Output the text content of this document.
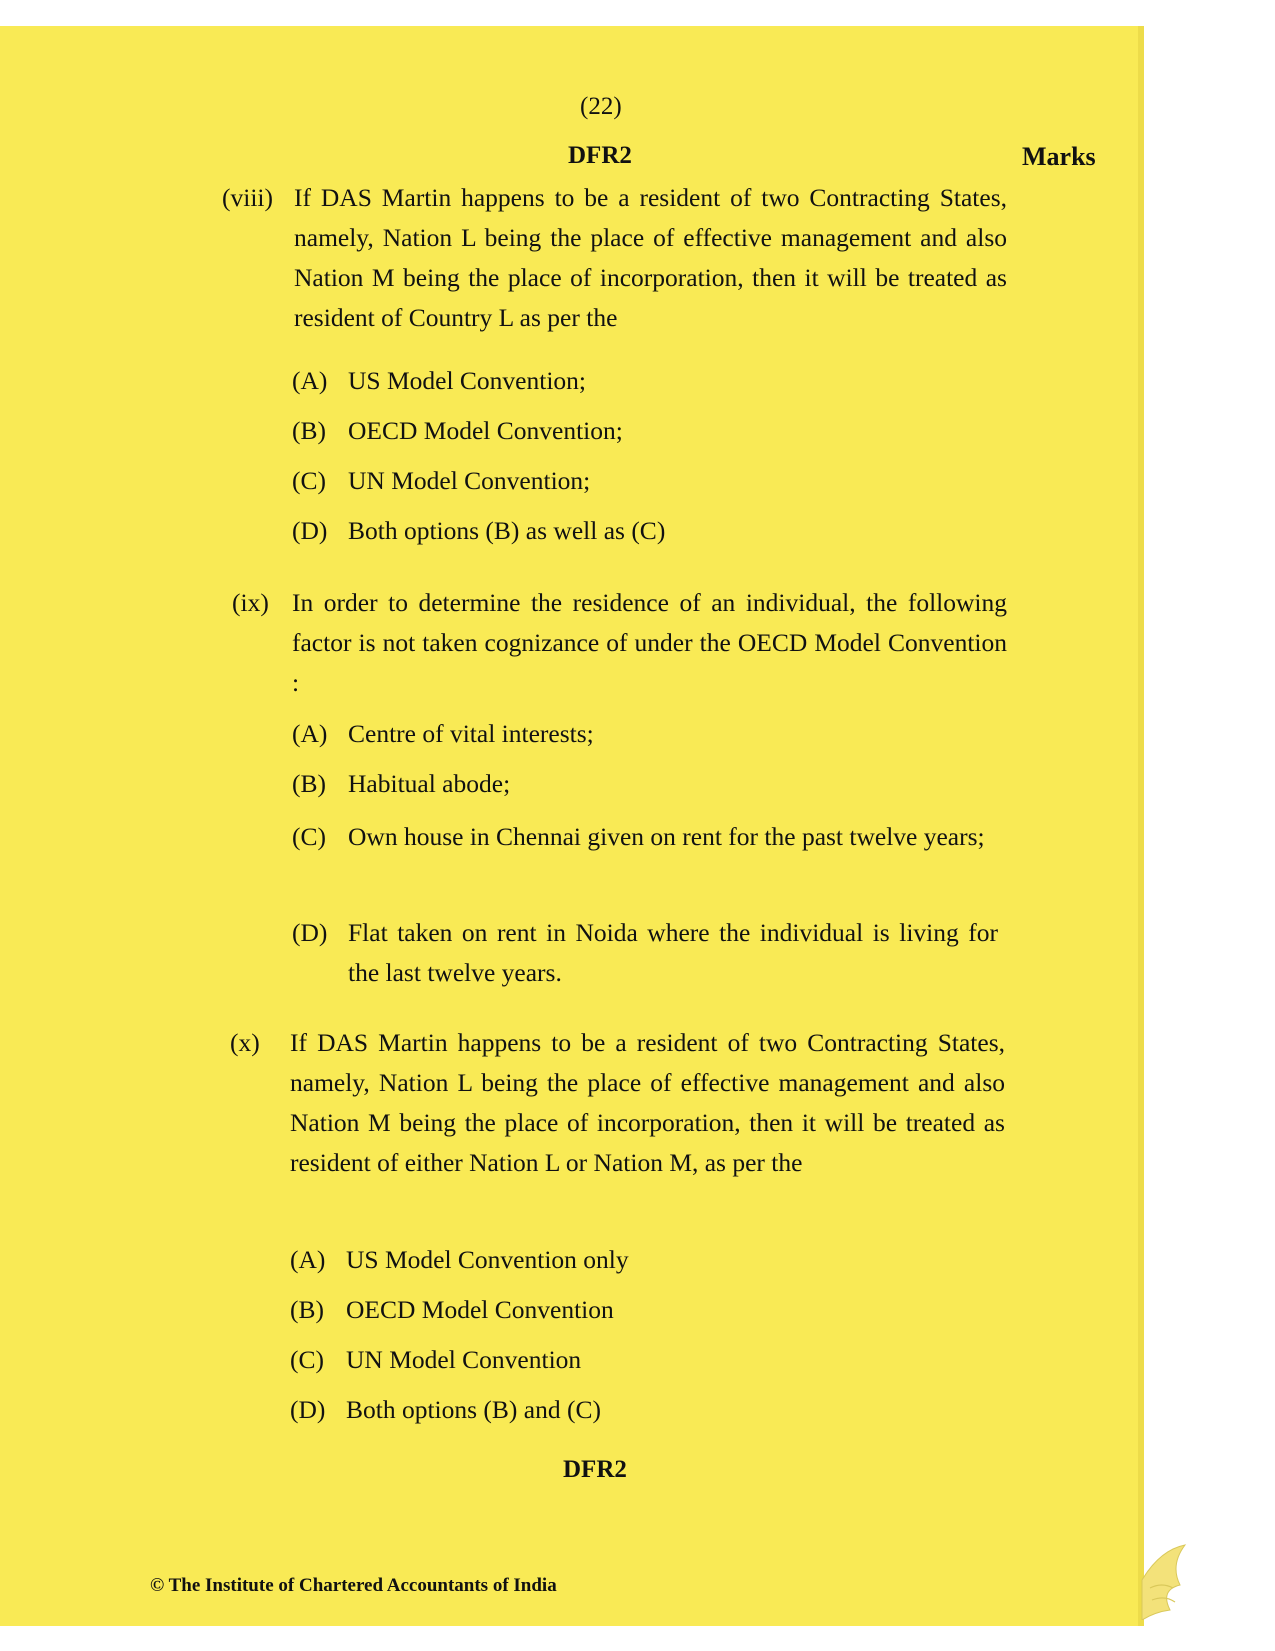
(22)
DFR2	Marks
(viii) If DAS Martin happens to be a resident of two Contracting States, namely, Nation L being the place of effective management and also Nation M being the place of incorporation, then it will be treated as resident of Country L as per the
(A) US Model Convention;
(B) OECD Model Convention;
(C) UN Model Convention;
(D) Both options (B) as well as (C)
(ix) In order to determine the residence of an individual, the following factor is not taken cognizance of under the OECD Model Convention :
(A) Centre of vital interests;
(B) Habitual abode;
(C) Own house in Chennai given on rent for the past twelve years;
(D) Flat taken on rent in Noida where the individual is living for the last twelve years.
(x) If DAS Martin happens to be a resident of two Contracting States, namely, Nation L being the place of effective management and also Nation M being the place of incorporation, then it will be treated as resident of either Nation L or Nation M, as per the
(A) US Model Convention only
(B) OECD Model Convention
(C) UN Model Convention
(D) Both options (B) and (C)
DFR2
© The Institute of Chartered Accountants of India
